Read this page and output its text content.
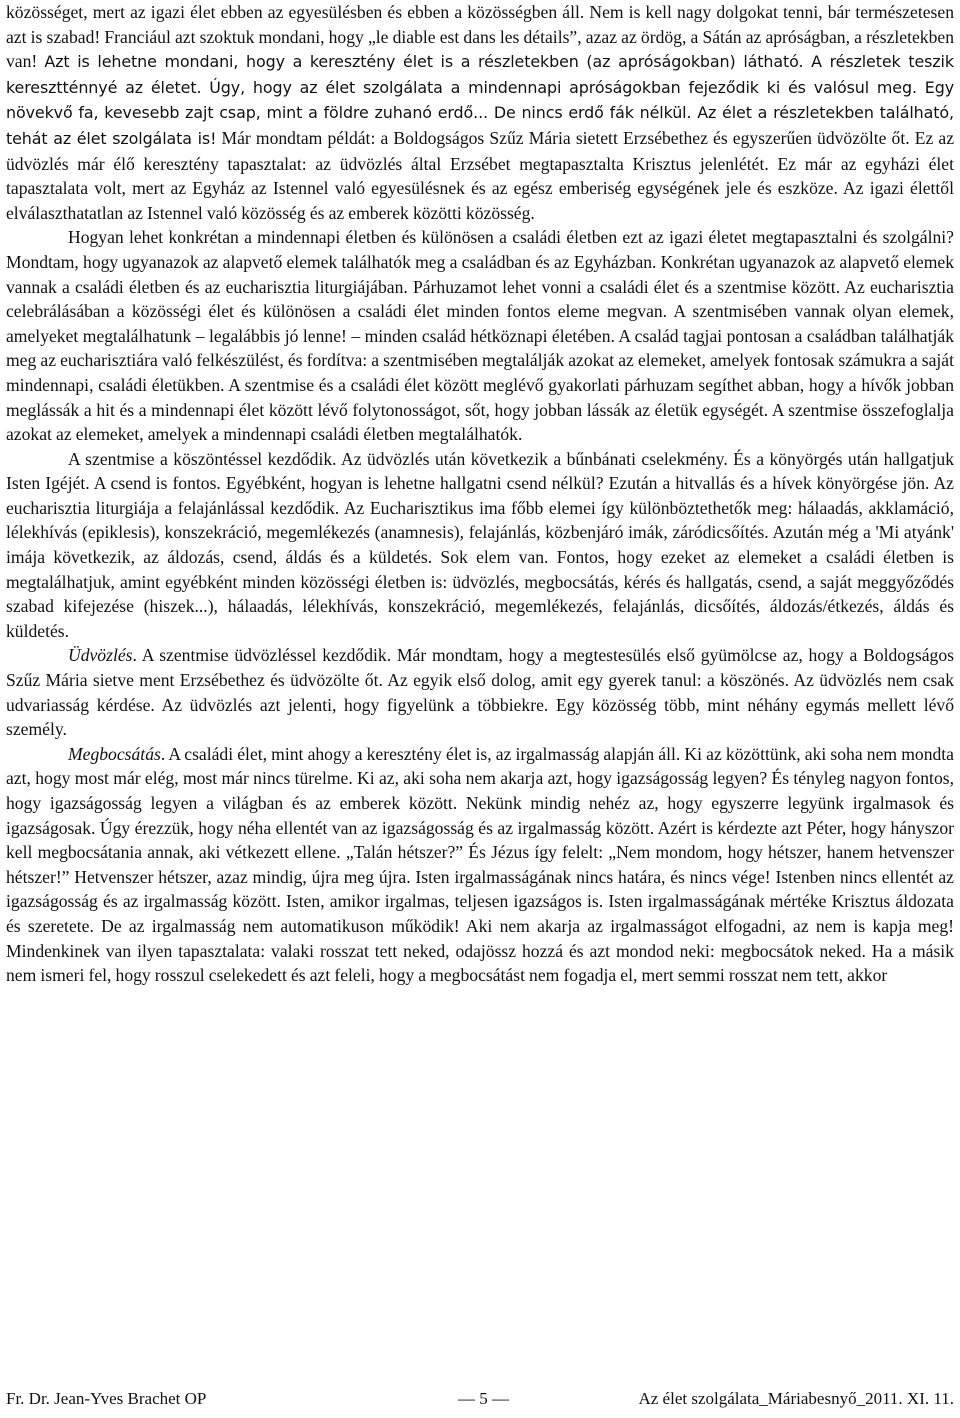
közösséget, mert az igazi élet ebben az egyesülésben és ebben a közösségben áll. Nem is kell nagy dolgokat tenni, bár természetesen azt is szabad! Franciául azt szoktuk mondani, hogy „le diable est dans les détails”, azaz az ördög, a Sátán az apróságban, a részletekben van! Azt is lehetne mondani, hogy a keresztény élet is a részletekben (az apróságokban) látható. A részletek teszik keresztténnyé az életet. Úgy, hogy az élet szolgálata a mindennapi apróságokban fejeződik ki és valósul meg. Egy növekvő fa, kevesebb zajt csap, mint a földre zuhanó erdő... De nincs erdő fák nélkül. Az élet a részletekben található, tehát az élet szolgálata is! Már mondtam példát: a Boldogságos Szűz Mária sietett Erzsébethez és egyszerűen üdvözölte őt. Ez az üdvözlés már élő keresztény tapasztalat: az üdvözlés által Erzsébet megtapasztalta Krisztus jelenlétét. Ez már az egyházi élet tapasztalata volt, mert az Egyház az Istennel való egyesülésnek és az egész emberiség egységének jele és eszköze. Az igazi élettől elválaszthatatlan az Istennel való közösség és az emberek közötti közösség.

Hogyan lehet konkrétan a mindennapi életben és különösen a családi életben ezt az igazi életet megtapasztalni és szolgálni? Mondtam, hogy ugyanazok az alapvető elemek találhatók meg a családban és az Egyházban. Konkrétan ugyanazok az alapvető elemek vannak a családi életben és az eucharisztia liturgiájában. Párhuzamot lehet vonni a családi élet és a szentmise között. Az eucharisztia celebrálásában a közösségi élet és különösen a családi élet minden fontos eleme megvan. A szentmisében vannak olyan elemek, amelyeket megtalálhatunk – legalábbis jó lenne! – minden család hétköznapi életében. A család tagjai pontosan a családban találhatják meg az eucharisztiára való felkészülést, és fordítva: a szentmisében megtalálják azokat az elemeket, amelyek fontosak számukra a saját mindennapi, családi életükben. A szentmise és a családi élet között meglévő gyakorlati párhuzam segíthet abban, hogy a hívők jobban meglássák a hit és a mindennapi élet között lévő folytonosságot, sőt, hogy jobban lássák az életük egységét. A szentmise összefoglalja azokat az elemeket, amelyek a mindennapi családi életben megtalálhatók.

A szentmise a köszöntéssel kezdődik. Az üdvözlés után következik a bűnbánati cselekmény. És a könyörgés után hallgatjuk Isten Igéjét. A csend is fontos. Egyébként, hogyan is lehetne hallgatni csend nélkül? Ezután a hitvallás és a hívek könyörgése jön. Az eucharisztia liturgiája a felajánlással kezdődik. Az Eucharisztikus ima főbb elemei így különböztethetők meg: hálaadás, akklamáció, lélekhívás (epiklesis), konszekráció, megemlékezés (anamnesis), felajánlás, közbenjáró imák, záródicsőítés. Azután még a 'Mi atyánk' imája következik, az áldozás, csend, áldás és a küldetés. Sok elem van. Fontos, hogy ezeket az elemeket a családi életben is megtalálhatjuk, amint egyébként minden közösségi életben is: üdvözlés, megbocsátás, kérés és hallgatás, csend, a saját meggyőződés szabad kifejezése (hiszek...), hálaadás, lélekhívás, konszekráció, megemlékezés, felajánlás, dicsőítés, áldozás/étkezés, áldás és küldetés.

Üdvözlés. A szentmise üdvözléssel kezdődik. Már mondtam, hogy a megtestesülés első gyümölcse az, hogy a Boldogságos Szűz Mária sietve ment Erzsébethez és üdvözölte őt. Az egyik első dolog, amit egy gyerek tanul: a köszönés. Az üdvözlés nem csak udvariasság kérdése. Az üdvözlés azt jelenti, hogy figyelünk a többiekre. Egy közösség több, mint néhány egymás mellett lévő személy.

Megbocsátás. A családi élet, mint ahogy a keresztény élet is, az irgalmasság alapján áll. Ki az közöttünk, aki soha nem mondta azt, hogy most már elég, most már nincs türelme. Ki az, aki soha nem akarja azt, hogy igazságosság legyen? És tényleg nagyon fontos, hogy igazságosság legyen a világban és az emberek között. Nekünk mindig nehéz az, hogy egyszerre legyünk irgalmasok és igazságosak. Úgy érezzük, hogy néha ellentét van az igazságosság és az irgalmasság között. Azért is kérdezte azt Péter, hogy hányszor kell megbocsátania annak, aki vétkezett ellene. „Talán hétszer?” És Jézus így felelt: „Nem mondom, hogy hétszer, hanem hetvenszer hétszer!” Hetvenszer hétszer, azaz mindig, újra meg újra. Isten irgalmasságának nincs határa, és nincs vége! Istenben nincs ellentét az igazságosság és az irgalmasság között. Isten, amikor irgalmas, teljesen igazságos is. Isten irgalmasságának mértéke Krisztus áldozata és szeretete. De az irgalmasság nem automatikuson működik! Aki nem akarja az irgalmasságot elfogadni, az nem is kapja meg! Mindenkinek van ilyen tapasztalata: valaki rosszat tett neked, odajössz hozzá és azt mondod neki: megbocsátok neked. Ha a másik nem ismeri fel, hogy rosszul cselekedett és azt feleli, hogy a megbocsátást nem fogadja el, mert semmi rosszat nem tett, akkor

Fr. Dr. Jean-Yves Brachet OP	— 5 —	Az élet szolgálata_Máriabesnyő_2011. XI. 11.
